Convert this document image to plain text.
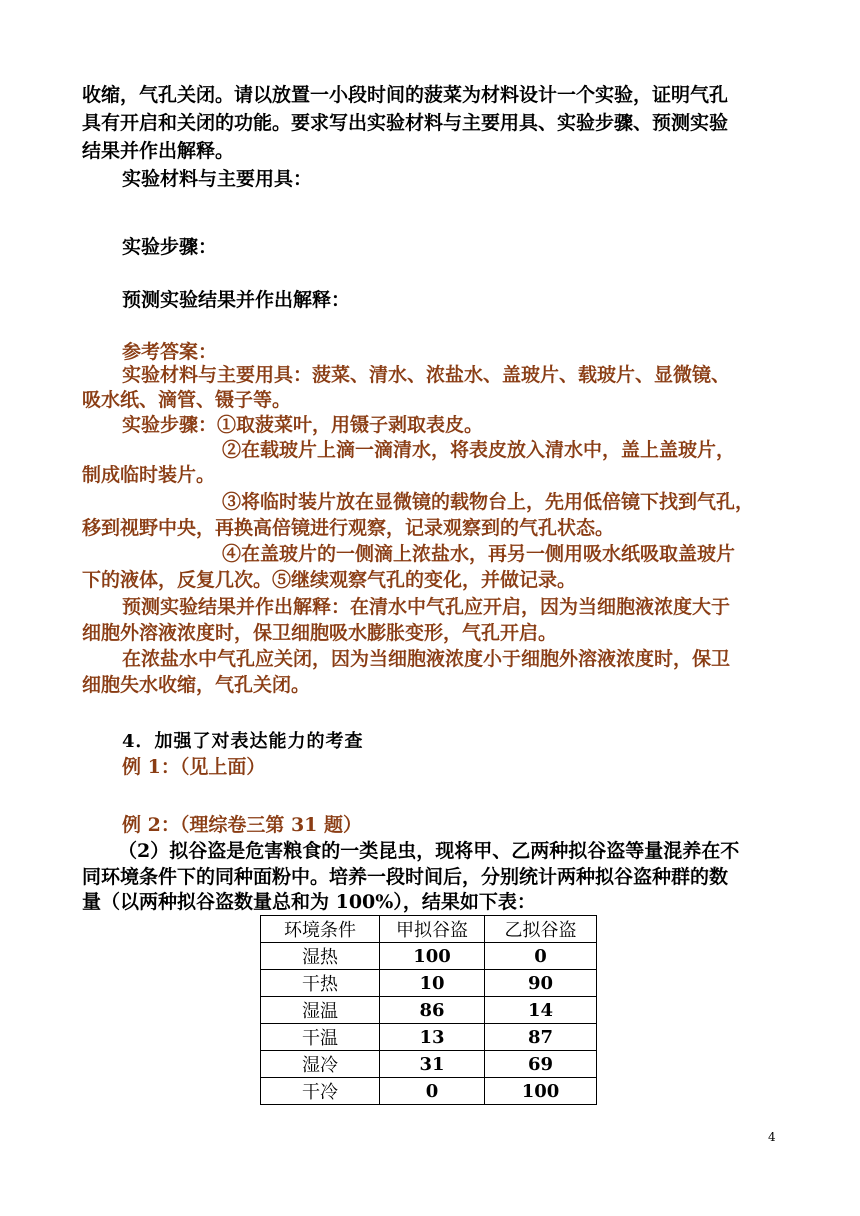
收缩，气孔关闭。请以放置一小段时间的菠菜为材料设计一个实验，证明气孔
具有开启和关闭的功能。要求写出实验材料与主要用具、实验步骤、预测实验
结果并作出解释。
实验材料与主要用具：
实验步骤：
预测实验结果并作出解释：
参考答案：
实验材料与主要用具：菠菜、清水、浓盐水、盖玻片、载玻片、显微镜、
吸水纸、滴管、镊子等。
实验步骤：①取菠菜叶，用镊子剥取表皮。
②在载玻片上滴一滴清水，将表皮放入清水中，盖上盖玻片，
制成临时装片。
③将临时装片放在显微镜的载物台上，先用低倍镜下找到气孔，
移到视野中央，再换高倍镜进行观察，记录观察到的气孔状态。
④在盖玻片的一侧滴上浓盐水，再另一侧用吸水纸吸取盖玻片
下的液体，反复几次。⑤继续观察气孔的变化，并做记录。
预测实验结果并作出解释：在清水中气孔应开启，因为当细胞液浓度大于
细胞外溶液浓度时，保卫细胞吸水膨胀变形，气孔开启。
在浓盐水中气孔应关闭，因为当细胞液浓度小于细胞外溶液浓度时，保卫
细胞失水收缩，气孔关闭。
4．加强了对表达能力的考查
例 1：（见上面）
例 2：（理综卷三第 31 题）
（2）拟谷盗是危害粮食的一类昆虫，现将甲、乙两种拟谷盗等量混养在不
同环境条件下的同种面粉中。培养一段时间后，分别统计两种拟谷盗种群的数
量（以两种拟谷盗数量总和为 100%），结果如下表：
环境条件	甲拟谷盗	乙拟谷盗
湿热	100	0
干热	10	90
湿温	86	14
干温	13	87
湿冷	31	69
干冷	0	100
4
